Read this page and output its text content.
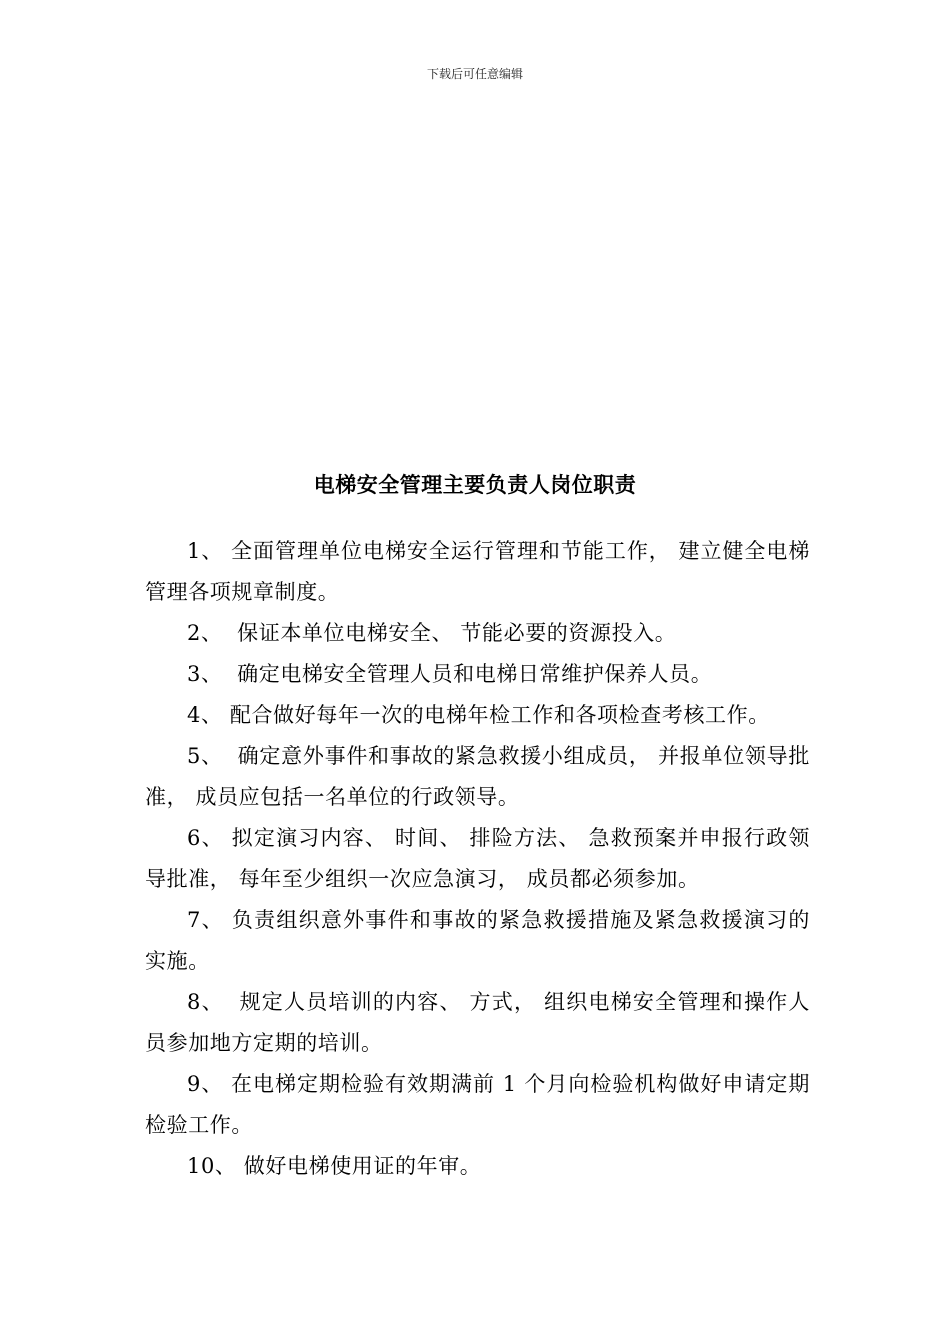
下载后可任意编辑
电梯安全管理主要负责人岗位职责

1、 全面管理单位电梯安全运行管理和节能工作， 建立健全电梯管理各项规章制度。

2、  保证本单位电梯安全、 节能必要的资源投入。

3、  确定电梯安全管理人员和电梯日常维护保养人员。

4、 配合做好每年一次的电梯年检工作和各项检查考核工作。

5、  确定意外事件和事故的紧急救援小组成员， 并报单位领导批准， 成员应包括一名单位的行政领导。

6、 拟定演习内容、 时间、 排险方法、 急救预案并申报行政领导批准， 每年至少组织一次应急演习， 成员都必须参加。

7、 负责组织意外事件和事故的紧急救援措施及紧急救援演习的实施。

8、  规定人员培训的内容、 方式， 组织电梯安全管理和操作人员参加地方定期的培训。

9、 在电梯定期检验有效期满前 1 个月向检验机构做好申请定期检验工作。

10、 做好电梯使用证的年审。
